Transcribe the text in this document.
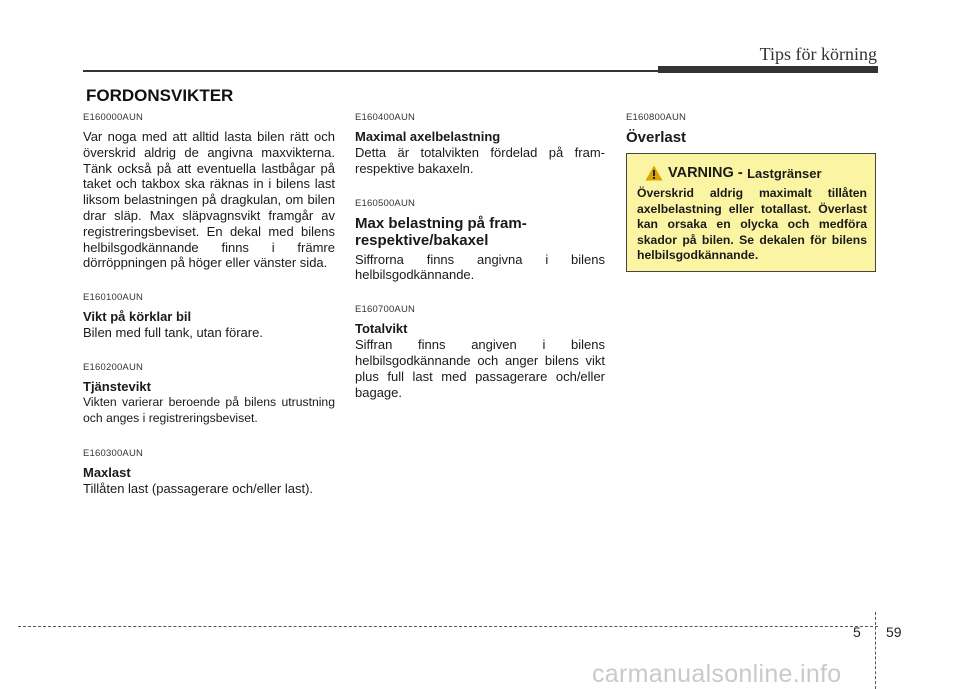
Tips för körning
FORDONSVIKTER
E160000AUN

Var noga med att alltid lasta bilen rätt och överskrid aldrig de angivna maxvikterna. Tänk också på att eventuella lastbågar på taket och takbox ska räknas in i bilens last liksom belastningen på dragkulan, om bilen drar släp. Max släpvagnsvikt framgår av registreringsbeviset. En dekal med bilens helbilsgodkännande finns i främre dörröppningen på höger eller vänster sida.

E160100AUN
Vikt på körklar bil

Bilen med full tank, utan förare.

E160200AUN
Tjänstevikt

Vikten varierar beroende på bilens utrustning och anges i registreringsbeviset.

E160300AUN
Maxlast

Tillåten last (passagerare och/eller last).

E160400AUN
Maximal axelbelastning

Detta är totalvikten fördelad på fram- respektive bakaxeln.

E160500AUN
Max belastning på fram- respektive/bakaxel

Siffrorna finns angivna i bilens helbilsgodkännande.

E160700AUN
Totalvikt

Siffran finns angiven i bilens helbilsgodkännande och anger bilens vikt plus full last med passagerare och/eller bagage.

E160800AUN
Överlast
VARNING -
Lastgränser
Överskrid aldrig maximalt tillåten axelbelastning eller totallast. Överlast kan orsaka en olycka och medföra skador på bilen. Se dekalen för bilens helbilsgodkännande.
5 59
carmanualsonline.info
